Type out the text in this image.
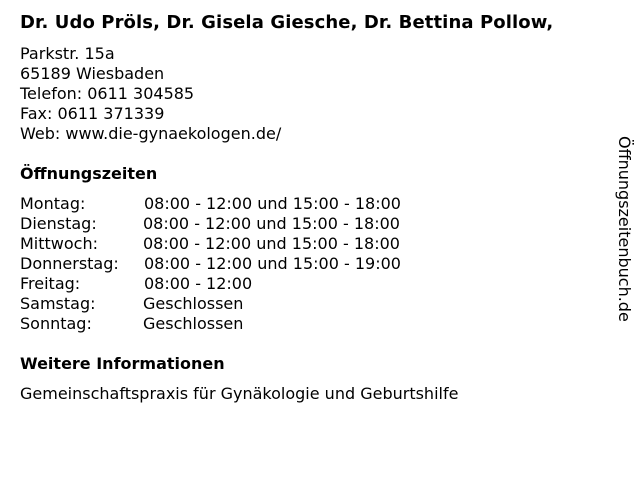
Dr. Udo Pröls, Dr. Gisela Giesche, Dr. Bettina Pollow,
Parkstr. 15a
65189 Wiesbaden
Telefon: 0611 304585
Fax: 0611 371339
Web: www.die-gynaekologen.de/
Öffnungszeiten
Montag:	08:00 - 12:00 und 15:00 - 18:00
Dienstag:	08:00 - 12:00 und 15:00 - 18:00
Mittwoch:	08:00 - 12:00 und 15:00 - 18:00
Donnerstag: 08:00 - 12:00 und 15:00 - 19:00
Freitag:	08:00 - 12:00
Samstag:	Geschlossen
Sonntag:	Geschlossen
Weitere Informationen
Gemeinschaftspraxis für Gynäkologie und Geburtshilfe
Öffnungszeitenbuch.de
